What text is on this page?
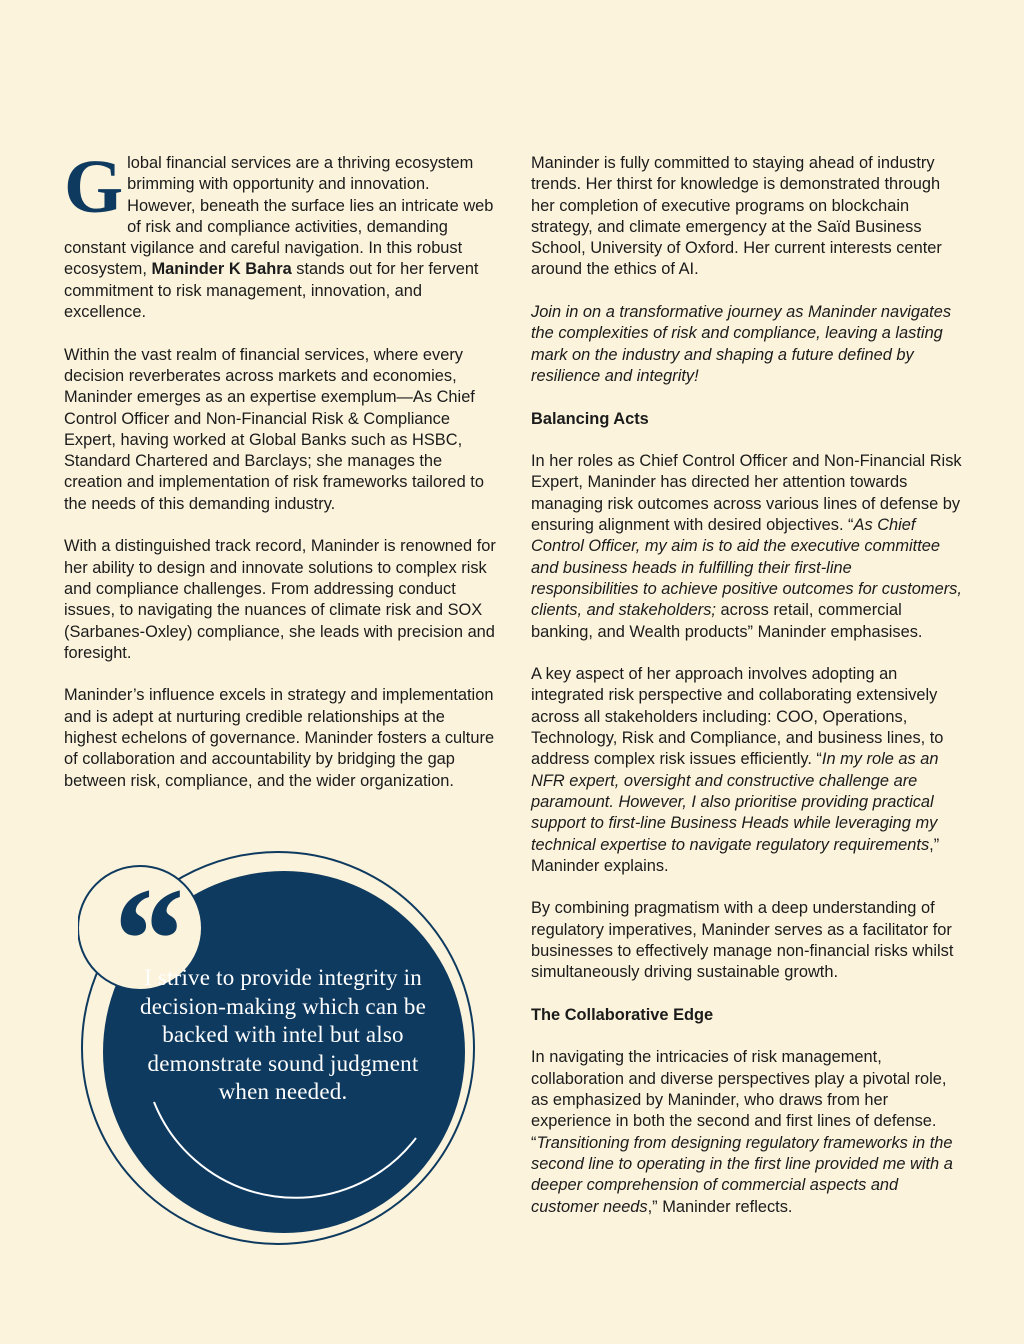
Global financial services are a thriving ecosystem brimming with opportunity and innovation. However, beneath the surface lies an intricate web of risk and compliance activities, demanding constant vigilance and careful navigation. In this robust ecosystem, Maninder K Bahra stands out for her fervent commitment to risk management, innovation, and excellence.

Within the vast realm of financial services, where every decision reverberates across markets and economies, Maninder emerges as an expertise exemplum—As Chief Control Officer and Non-Financial Risk & Compliance Expert, having worked at Global Banks such as HSBC, Standard Chartered and Barclays; she manages the creation and implementation of risk frameworks tailored to the needs of this demanding industry.

With a distinguished track record, Maninder is renowned for her ability to design and innovate solutions to complex risk and compliance challenges. From addressing conduct issues, to navigating the nuances of climate risk and SOX (Sarbanes-Oxley) compliance, she leads with precision and foresight.

Maninder’s influence excels in strategy and implementation and is adept at nurturing credible relationships at the highest echelons of governance. Maninder fosters a culture of collaboration and accountability by bridging the gap between risk, compliance, and the wider organization.

“
I strive to provide integrity in decision-making which can be backed with intel but also demonstrate sound judgment when needed.

Maninder is fully committed to staying ahead of industry trends. Her thirst for knowledge is demonstrated through her completion of executive programs on blockchain strategy, and climate emergency at the Saïd Business School, University of Oxford. Her current interests center around the ethics of AI.

Join in on a transformative journey as Maninder navigates the complexities of risk and compliance, leaving a lasting mark on the industry and shaping a future defined by resilience and integrity!

Balancing Acts

In her roles as Chief Control Officer and Non-Financial Risk Expert, Maninder has directed her attention towards managing risk outcomes across various lines of defense by ensuring alignment with desired objectives. “As Chief Control Officer, my aim is to aid the executive committee and business heads in fulfilling their first-line responsibilities to achieve positive outcomes for customers, clients, and stakeholders; across retail, commercial banking, and Wealth products” Maninder emphasises.

A key aspect of her approach involves adopting an integrated risk perspective and collaborating extensively across all stakeholders including: COO, Operations, Technology, Risk and Compliance, and business lines, to address complex risk issues efficiently. “In my role as an NFR expert, oversight and constructive challenge are paramount. However, I also prioritise providing practical support to first-line Business Heads while leveraging my technical expertise to navigate regulatory requirements,” Maninder explains.

By combining pragmatism with a deep understanding of regulatory imperatives, Maninder serves as a facilitator for businesses to effectively manage non-financial risks whilst simultaneously driving sustainable growth.

The Collaborative Edge

In navigating the intricacies of risk management, collaboration and diverse perspectives play a pivotal role, as emphasized by Maninder, who draws from her experience in both the second and first lines of defense. “Transitioning from designing regulatory frameworks in the second line to operating in the first line provided me with a deeper comprehension of commercial aspects and customer needs,” Maninder reflects.
